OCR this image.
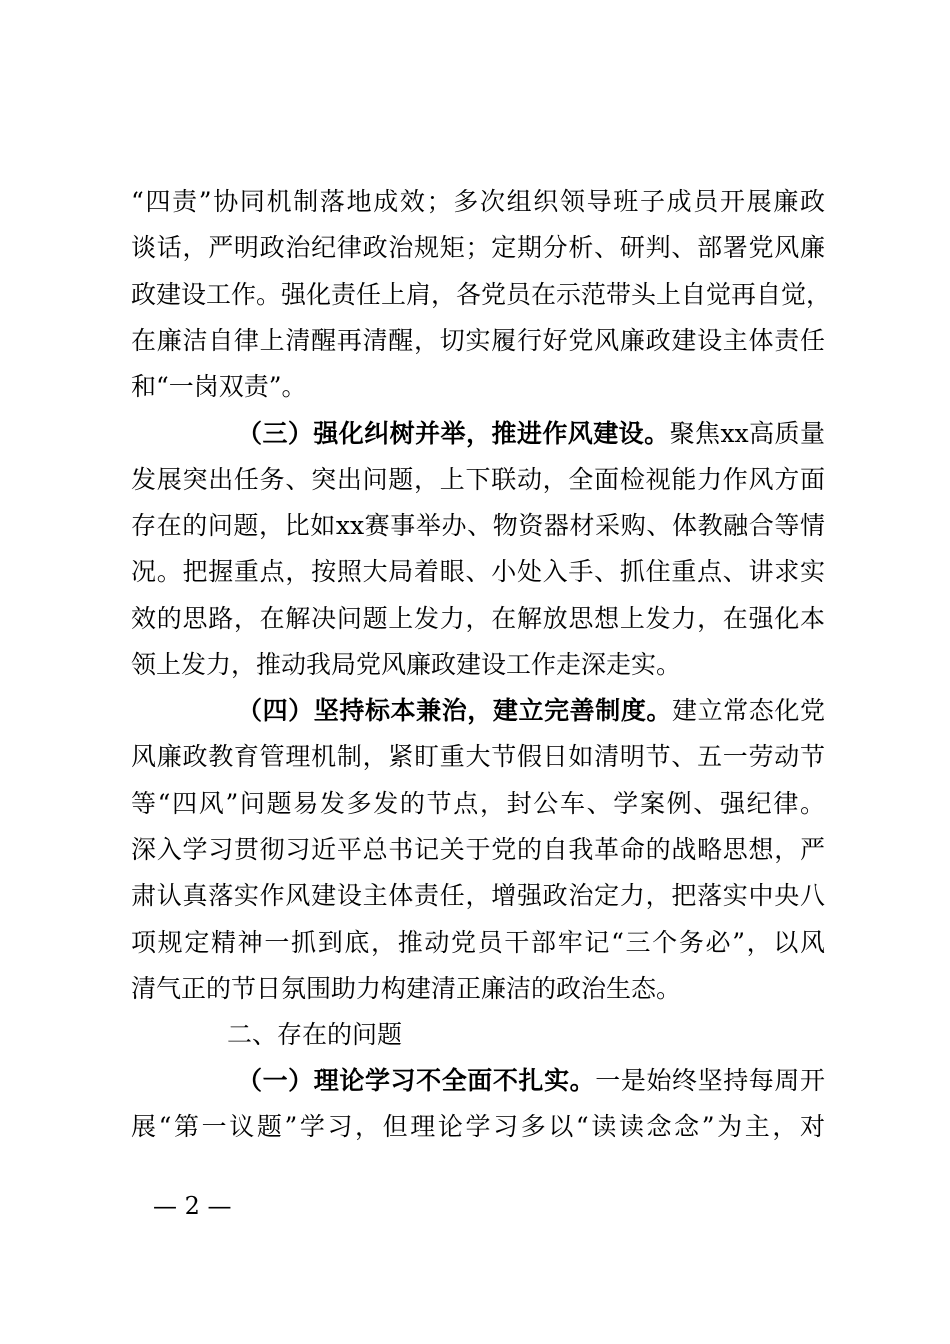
“四责”协同机制落地成效；多次组织领导班子成员开展廉政
谈话，严明政治纪律政治规矩；定期分析、研判、部署党风廉
政建设工作。强化责任上肩，各党员在示范带头上自觉再自觉，
在廉洁自律上清醒再清醒，切实履行好党风廉政建设主体责任
和“一岗双责”。
（三）强化纠树并举，推进作风建设。聚焦xx高质量
发展突出任务、突出问题，上下联动，全面检视能力作风方面
存在的问题，比如xx赛事举办、物资器材采购、体教融合等情
况。把握重点，按照大局着眼、小处入手、抓住重点、讲求实
效的思路，在解决问题上发力，在解放思想上发力，在强化本
领上发力，推动我局党风廉政建设工作走深走实。
（四）坚持标本兼治，建立完善制度。建立常态化党
风廉政教育管理机制，紧盯重大节假日如清明节、五一劳动节
等“四风”问题易发多发的节点，封公车、学案例、强纪律。
深入学习贯彻习近平总书记关于党的自我革命的战略思想，严
肃认真落实作风建设主体责任，增强政治定力，把落实中央八
项规定精神一抓到底，推动党员干部牢记“三个务必”，以风
清气正的节日氛围助力构建清正廉洁的政治生态。
二、存在的问题
（一）理论学习不全面不扎实。一是始终坚持每周开
展“第一议题”学习，但理论学习多以“读读念念”为主，对
— 2 —
